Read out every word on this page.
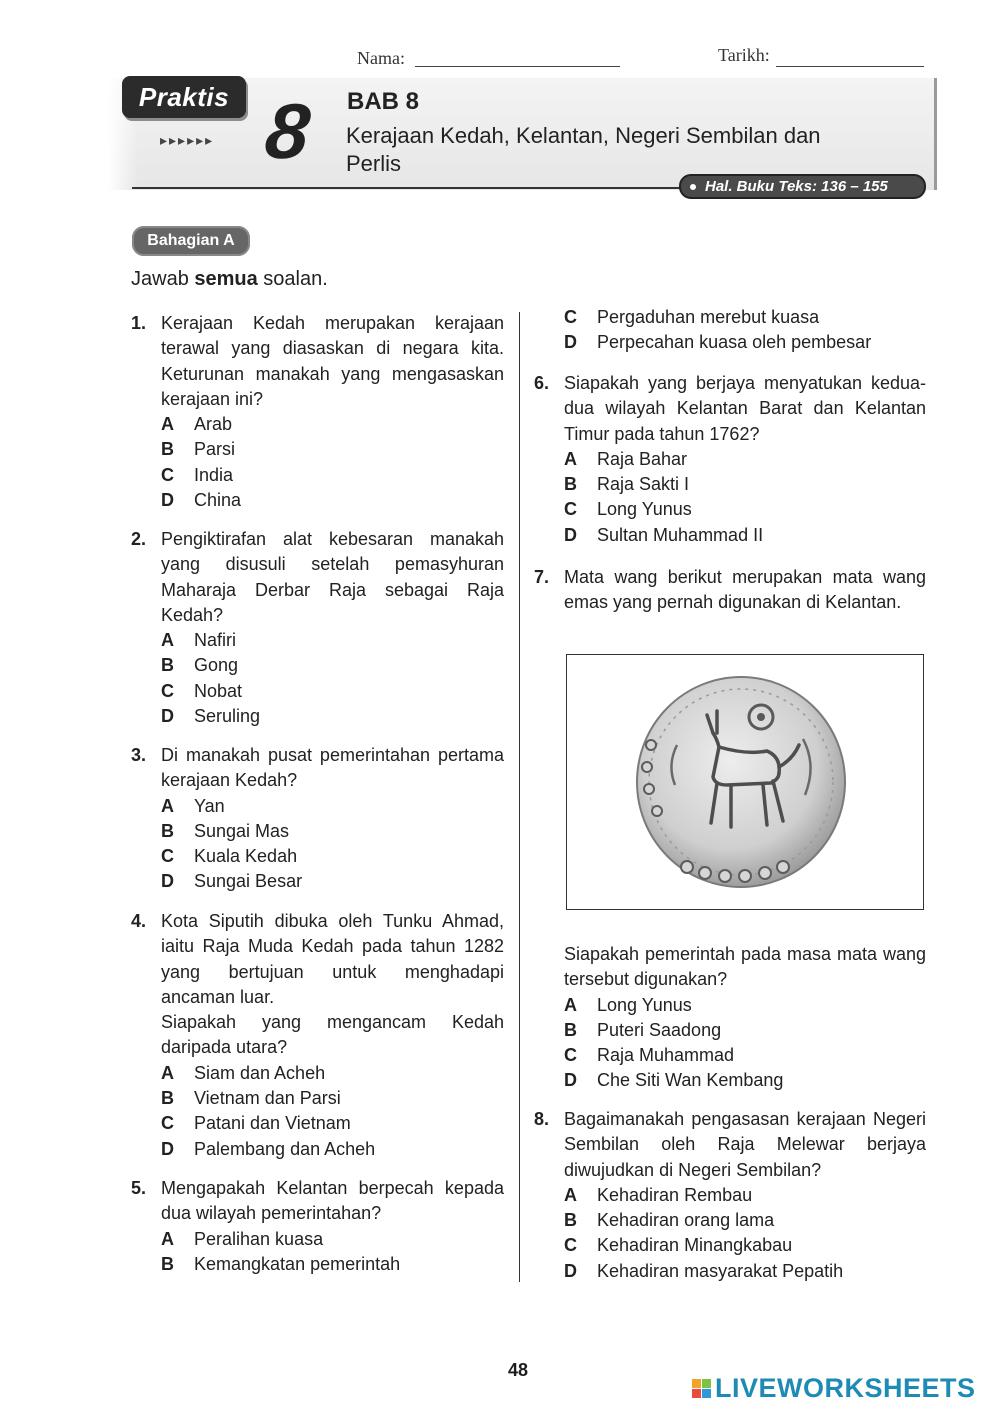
Nama:	Tarikh:
Praktis
▸▸▸▸▸▸ 8 BAB 8
Kerajaan Kedah, Kelantan, Negeri Sembilan dan Perlis
Hal. Buku Teks: 136 – 155
Bahagian A
Jawab semua soalan.
1. Kerajaan Kedah merupakan kerajaan terawal yang diasaskan di negara kita. Keturunan manakah yang mengasaskan kerajaan ini?
A	Arab
B	Parsi
C	India
D	China
2. Pengiktirafan alat kebesaran manakah yang disusuli setelah pemasyhuran Maharaja Derbar Raja sebagai Raja Kedah?
A	Nafiri
B	Gong
C	Nobat
D	Seruling
3. Di manakah pusat pemerintahan pertama kerajaan Kedah?
A	Yan
B	Sungai Mas
C	Kuala Kedah
D	Sungai Besar
4. Kota Siputih dibuka oleh Tunku Ahmad, iaitu Raja Muda Kedah pada tahun 1282 yang bertujuan untuk menghadapi ancaman luar.
Siapakah yang mengancam Kedah daripada utara?
A	Siam dan Acheh
B	Vietnam dan Parsi
C	Patani dan Vietnam
D	Palembang dan Acheh
5. Mengapakah Kelantan berpecah kepada dua wilayah pemerintahan?
A	Peralihan kuasa
B	Kemangkatan pemerintah
C	Pergaduhan merebut kuasa
D	Perpecahan kuasa oleh pembesar
6. Siapakah yang berjaya menyatukan kedua-dua wilayah Kelantan Barat dan Kelantan Timur pada tahun 1762?
A	Raja Bahar
B	Raja Sakti I
C	Long Yunus
D	Sultan Muhammad II
7. Mata wang berikut merupakan mata wang emas yang pernah digunakan di Kelantan.
Siapakah pemerintah pada masa mata wang tersebut digunakan?
A	Long Yunus
B	Puteri Saadong
C	Raja Muhammad
D	Che Siti Wan Kembang
8. Bagaimanakah pengasasan kerajaan Negeri Sembilan oleh Raja Melewar berjaya diwujudkan di Negeri Sembilan?
A	Kehadiran Rembau
B	Kehadiran orang lama
C	Kehadiran Minangkabau
D	Kehadiran masyarakat Pepatih
48
LIVEWORKSHEETS
